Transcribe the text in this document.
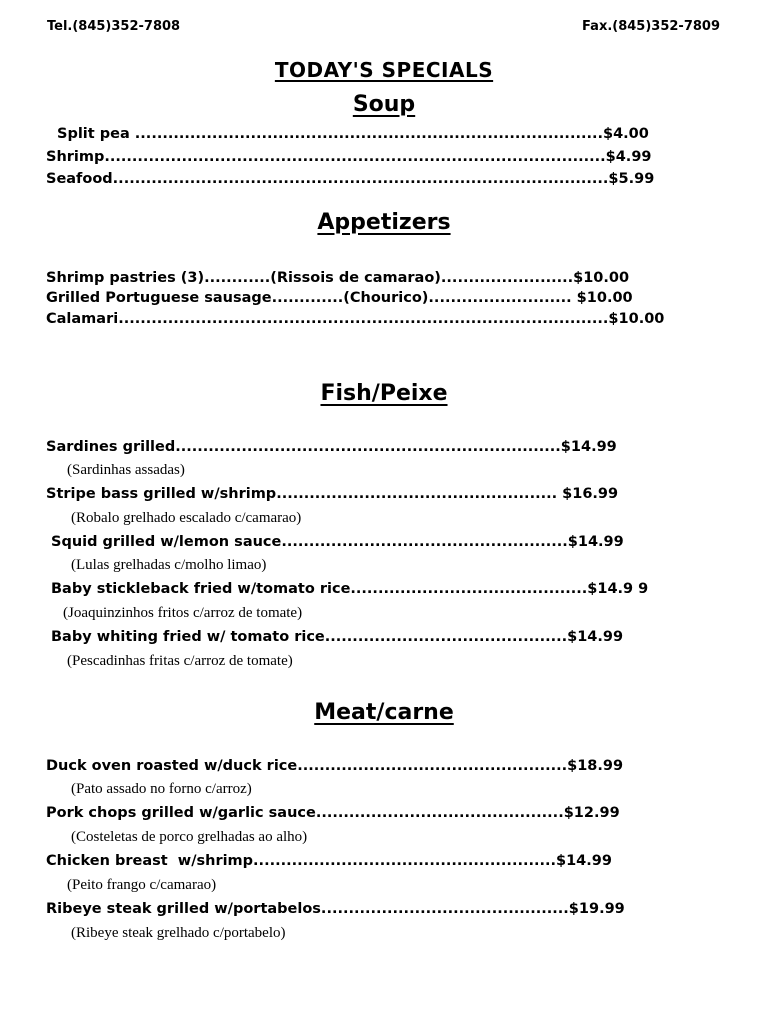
Tel.(845)352-7808	Fax.(845)352-7809
TODAY'S SPECIALS
Soup
Split pea .....................................................................................$4.00
Shrimp...........................................................................................$4.99
Seafood..........................................................................................$5.99
Appetizers
Shrimp pastries (3)............(Rissois de camarao)........................$10.00
Grilled Portuguese sausage.............(Chourico).......................... $10.00
Calamari.........................................................................................$10.00
Fish/Peixe
Sardines grilled......................................................................$14.99
(Sardinhas assadas)
Stripe bass grilled w/shrimp................................................... $16.99
(Robalo grelhado escalado c/camarao)
Squid grilled w/lemon sauce....................................................$14.99
(Lulas grelhadas c/molho limao)
Baby stickleback fried w/tomato rice...........................................$14.9 9
(Joaquinzinhos fritos c/arroz de tomate)
Baby whiting fried w/ tomato rice............................................$14.99
(Pescadinhas fritas c/arroz de tomate)
Meat/carne
Duck oven roasted w/duck rice.................................................$18.99
(Pato assado no forno c/arroz)
Pork chops grilled w/garlic sauce.............................................$12.99
(Costeletas de porco grelhadas ao alho)
Chicken breast  w/shrimp.......................................................$14.99
(Peito frango c/camarao)
Ribeye steak grilled w/portabelos.............................................$19.99
(Ribeye steak grelhado c/portabelo)
